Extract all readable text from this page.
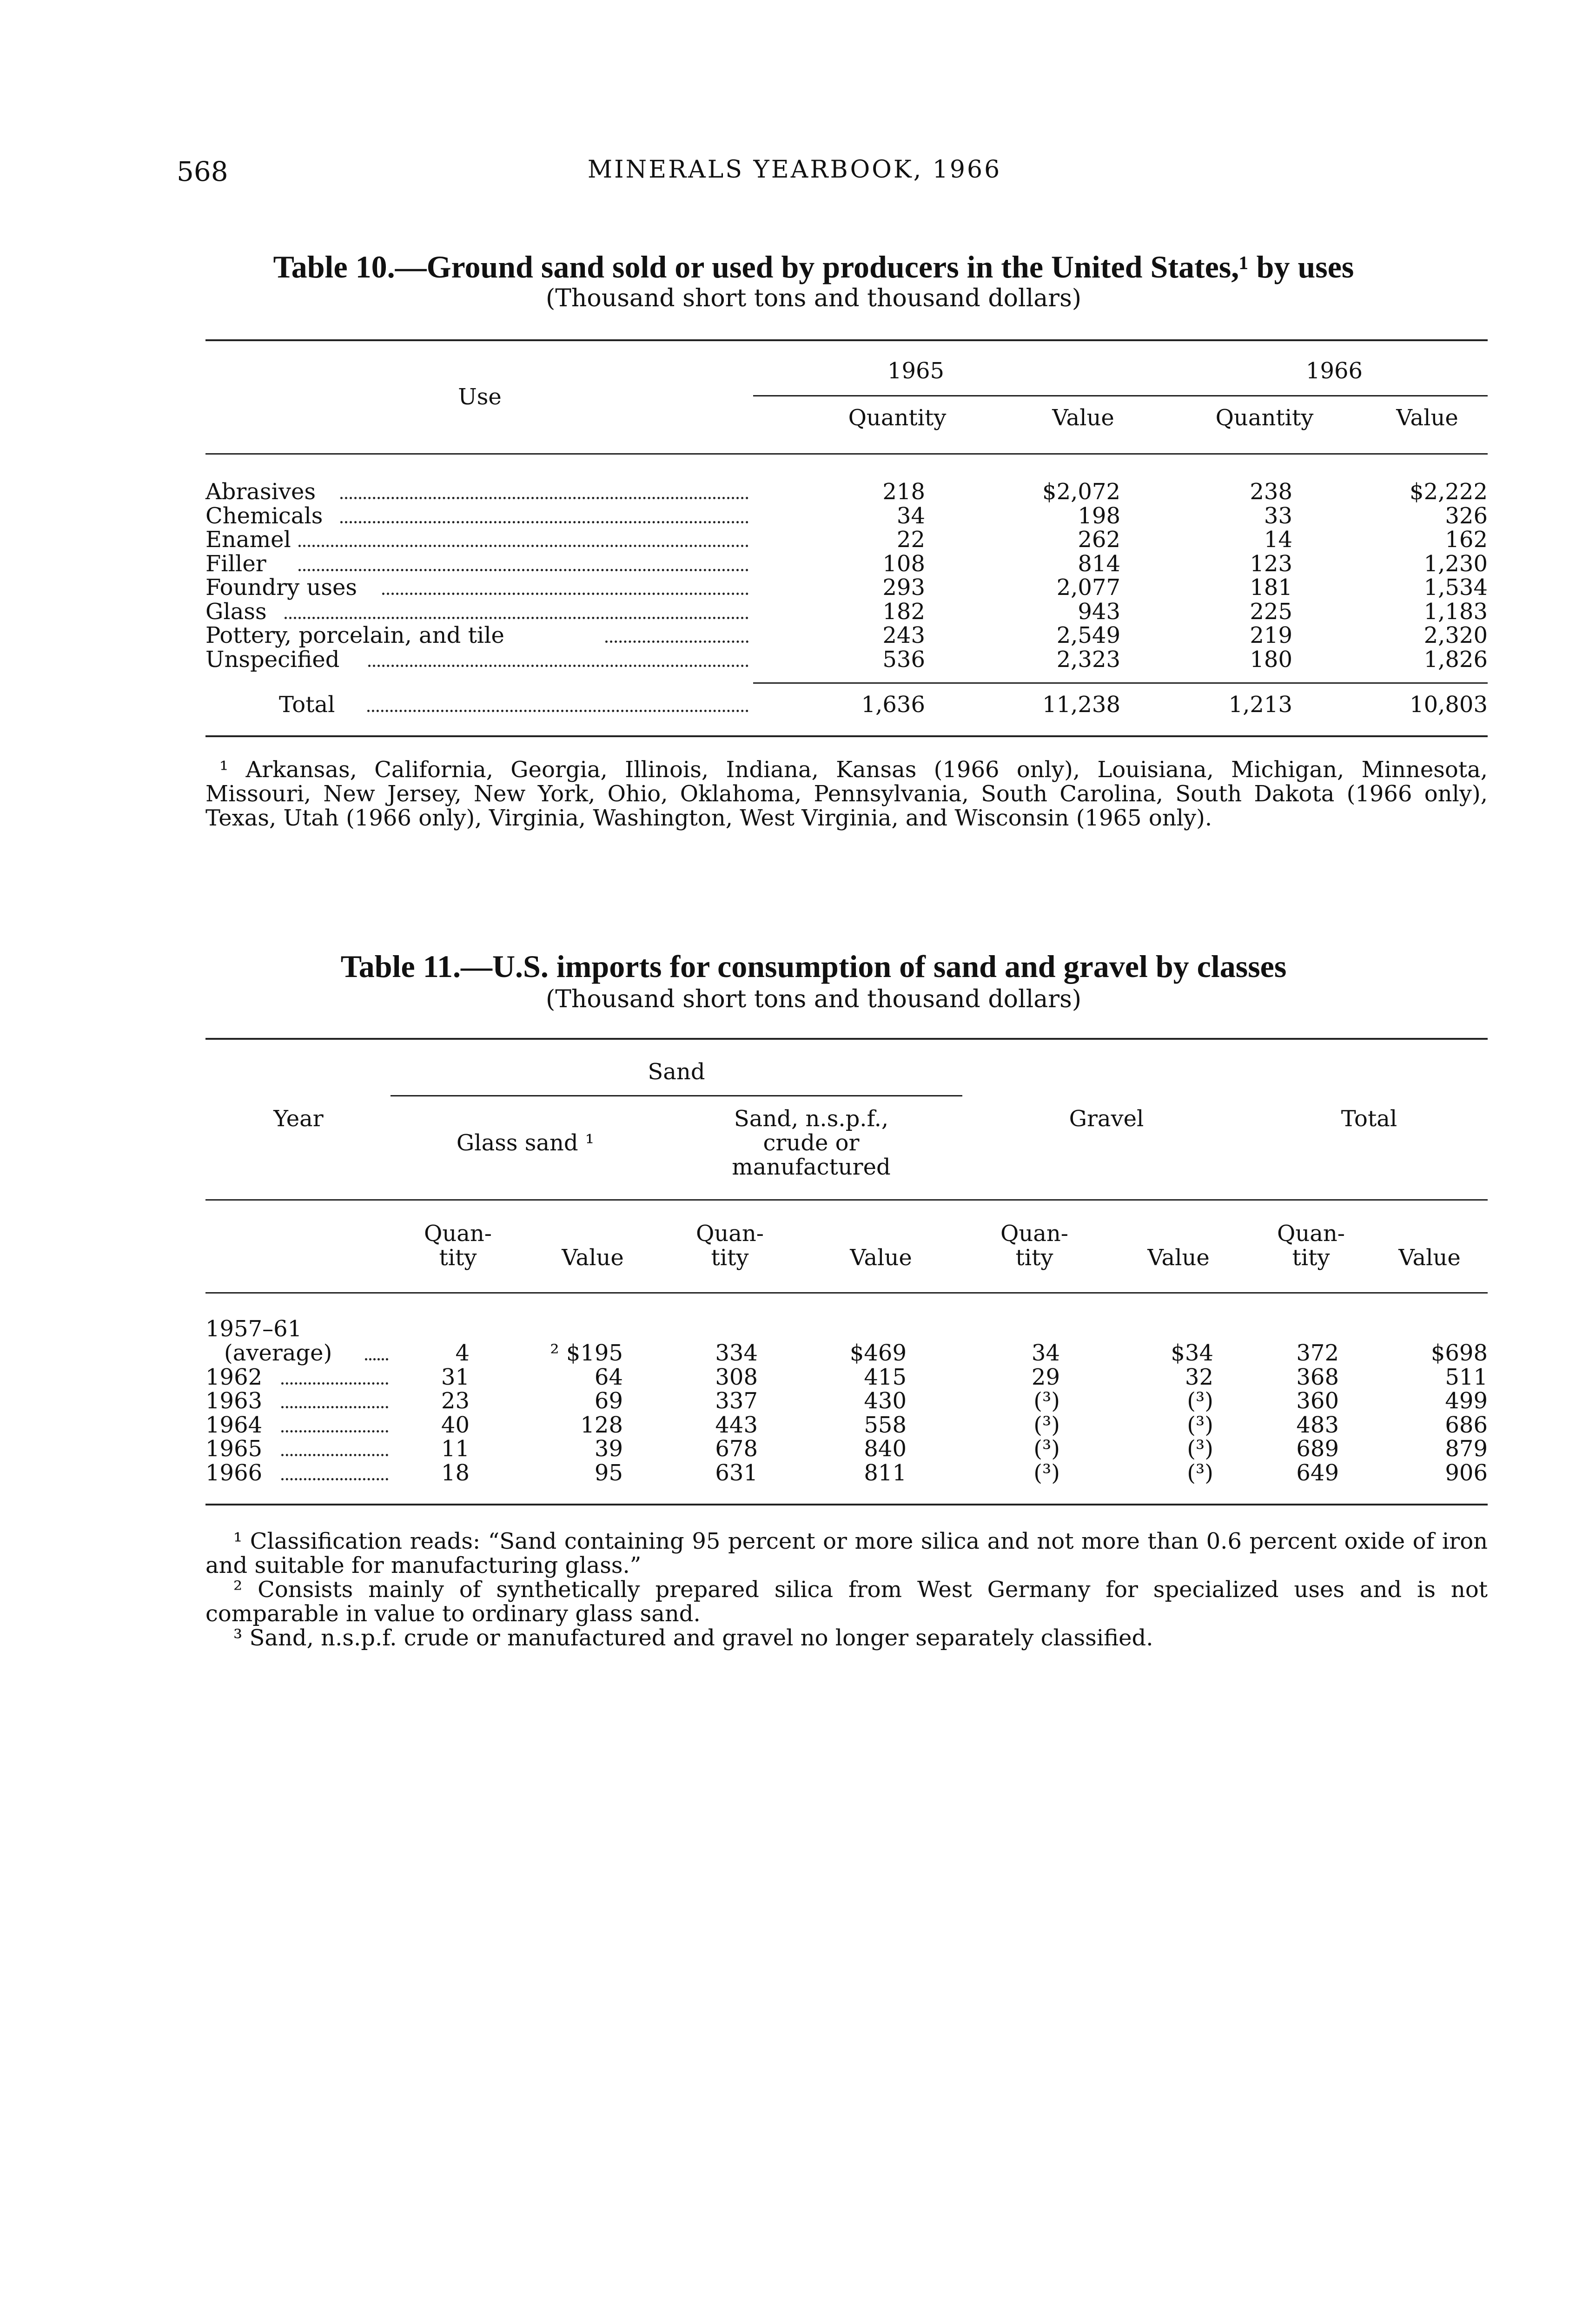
568	MINERALS YEARBOOK, 1966
Table 10.—Ground sand sold or used by producers in the United States,¹ by uses
(Thousand short tons and thousand dollars)
Use
1965	1966
Quantity	Value	Quantity	Value
Abrasives	218	$2,072	238	$2,222
Chemicals	34	198	33	326
Enamel	22	262	14	162
Filler	108	814	123	1,230
Foundry uses	293	2,077	181	1,534
Glass	182	943	225	1,183
Pottery, porcelain, and tile	243	2,549	219	2,320
Unspecified	536	2,323	180	1,826
Total	1,636	11,238	1,213	10,803
¹ Arkansas, California, Georgia, Illinois, Indiana, Kansas (1966 only), Louisiana, Michigan, Minnesota, Missouri, New Jersey, New York, Ohio, Oklahoma, Pennsylvania, South Carolina, South Dakota (1966 only), Texas, Utah (1966 only), Virginia, Washington, West Virginia, and Wisconsin (1965 only).
Table 11.—U.S. imports for consumption of sand and gravel by classes
(Thousand short tons and thousand dollars)
Year
Sand
Glass sand ¹
Sand, n.s.p.f.,
crude or
manufactured
Gravel	Total
Quan-
tity	Value
Quan-
tity	Value
Quan-
tity	Value
Quan-
tity	Value
1957–61
(average)	4	² $195	334	$469	34	$34	372	$698
1962	31	64	308	415	29	32	368	511
1963	23	69	337	430	(³)	(³)	360	499
1964	40	128	443	558	(³)	(³)	483	686
1965	11	39	678	840	(³)	(³)	689	879
1966	18	95	631	811	(³)	(³)	649	906
¹ Classification reads: “Sand containing 95 percent or more silica and not more than 0.6 percent oxide of iron and suitable for manufacturing glass.”
² Consists mainly of synthetically prepared silica from West Germany for specialized uses and is not comparable in value to ordinary glass sand.
³ Sand, n.s.p.f. crude or manufactured and gravel no longer separately classified.
